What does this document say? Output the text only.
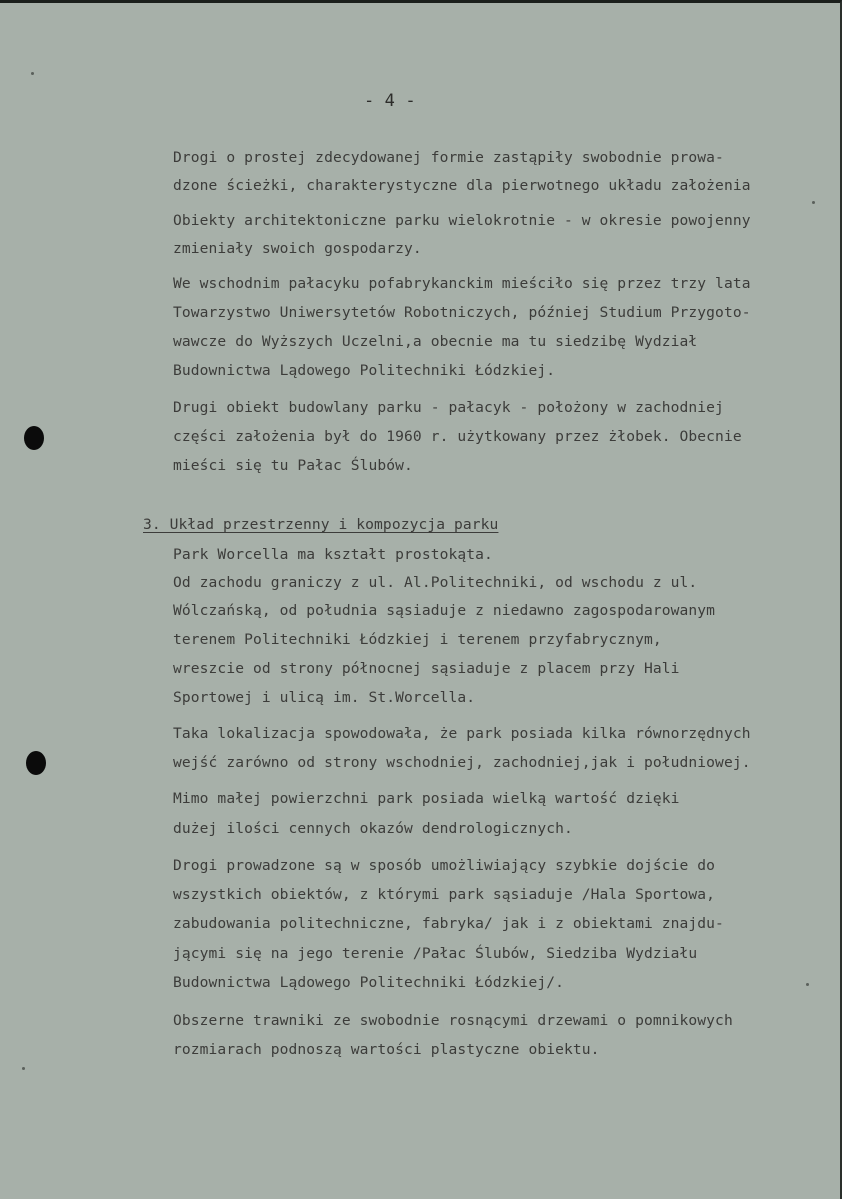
- 4 -
Drogi o prostej zdecydowanej formie zastąpiły swobodnie prowa-
dzone ścieżki, charakterystyczne dla pierwotnego układu założenia
Obiekty architektoniczne parku wielokrotnie - w okresie powojenny
zmieniały swoich gospodarzy.
We wschodnim pałacyku pofabrykanckim mieściło się przez trzy lata
Towarzystwo Uniwersytetów Robotniczych, później Studium Przygoto-
wawcze do Wyższych Uczelni,a obecnie ma tu siedzibę Wydział
Budownictwa Lądowego Politechniki Łódzkiej.
Drugi obiekt budowlany parku - pałacyk - położony w zachodniej
części założenia był do 1960 r. użytkowany przez żłobek. Obecnie
mieści się tu Pałac Ślubów.
3. Układ przestrzenny i kompozycja parku
Park Worcella ma kształt prostokąta.
Od zachodu graniczy z ul. Al.Politechniki, od wschodu z ul.
Wólczańską, od południa sąsiaduje z niedawno zagospodarowanym
terenem Politechniki Łódzkiej i terenem przyfabrycznym,
wreszcie od strony północnej sąsiaduje z placem przy Hali
Sportowej i ulicą im. St.Worcella.
Taka lokalizacja spowodowała, że park posiada kilka równorzędnych
wejść zarówno od strony wschodniej, zachodniej,jak i południowej.
Mimo małej powierzchni park posiada wielką wartość dzięki
dużej ilości cennych okazów dendrologicznych.
Drogi prowadzone są w sposób umożliwiający szybkie dojście do
wszystkich obiektów, z którymi park sąsiaduje /Hala Sportowa,
zabudowania politechniczne, fabryka/ jak i z obiektami znajdu-
jącymi się na jego terenie /Pałac Ślubów, Siedziba Wydziału
Budownictwa Lądowego Politechniki Łódzkiej/.
Obszerne trawniki ze swobodnie rosnącymi drzewami o pomnikowych
rozmiarach podnoszą wartości plastyczne obiektu.
